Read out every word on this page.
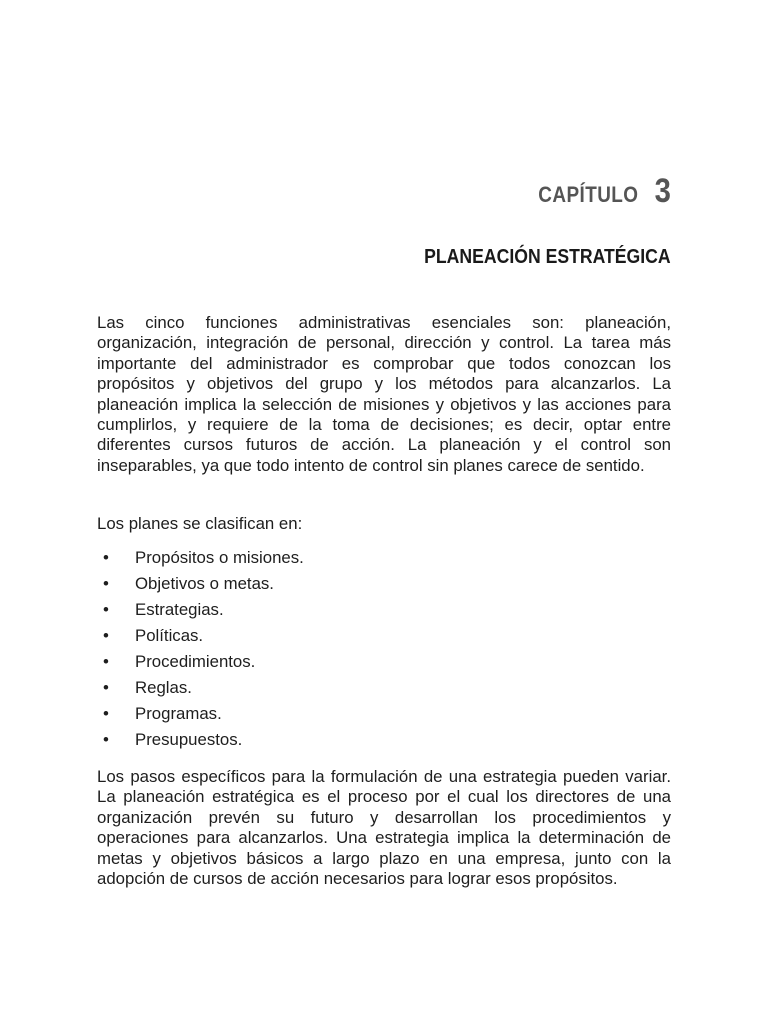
CAPÍTULO 3
PLANEACIÓN ESTRATÉGICA

Las cinco funciones administrativas esenciales son: planeación, organización, integración de personal, dirección y control. La tarea más importante del administrador es comprobar que todos conozcan los propósitos y objetivos del grupo y los métodos para alcanzarlos. La planeación implica la selección de misiones y objetivos y las acciones para cumplirlos, y requiere de la toma de decisiones; es decir, optar entre diferentes cursos futuros de acción. La planeación y el control son inseparables, ya que todo intento de control sin planes carece de sentido.

Los planes se clasifican en:

•	Propósitos o misiones.
•	Objetivos o metas.
•	Estrategias.
•	Políticas.
•	Procedimientos.
•	Reglas.
•	Programas.
•	Presupuestos.

Los pasos específicos para la formulación de una estrategia pueden variar. La planeación estratégica es el proceso por el cual los directores de una organización prevén su futuro y desarrollan los procedimientos y operaciones para alcanzarlos. Una estrategia implica la determinación de metas y objetivos básicos a largo plazo en una empresa, junto con la adopción de cursos de acción necesarios para lograr esos propósitos.
